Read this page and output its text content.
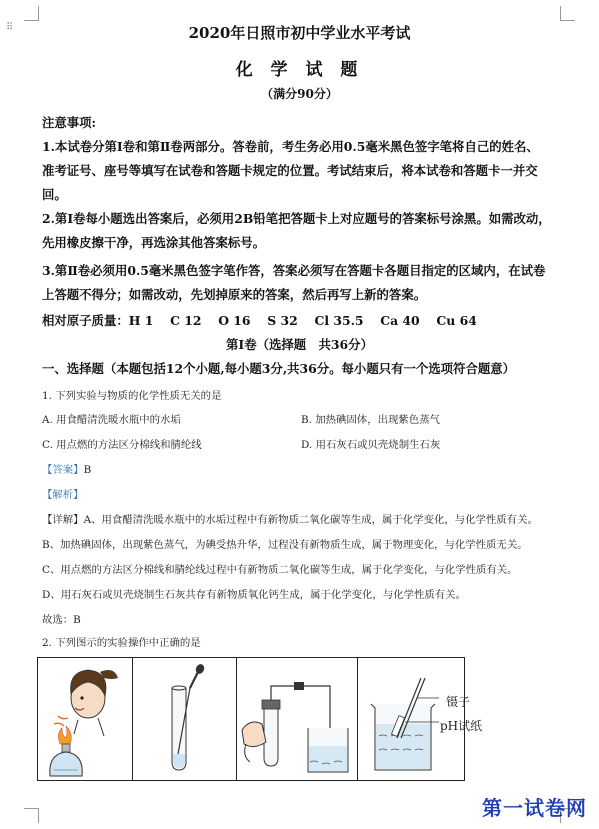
⠿	2020年日照市初中学业水平考试
化 学 试 题
（满分90分）
注意事项:
1.本试卷分第Ⅰ卷和第Ⅱ卷两部分。答卷前，考生务必用0.5毫米黑色签字笔将自己的姓名、
准考证号、座号等填写在试卷和答题卡规定的位置。考试结束后，将本试卷和答题卡一并交
回。
2.第Ⅰ卷每小题选出答案后，必须用2B铅笔把答题卡上对应题号的答案标号涂黑。如需改动，
先用橡皮擦干净，再选涂其他答案标号。
3.第Ⅱ卷必须用0.5毫米黑色签字笔作答，答案必须写在答题卡各题目指定的区域内，在试卷
上答题不得分；如需改动，先划掉原来的答案，然后再写上新的答案。
相对原子质量：H 1　 C 12 　O 16　 S 32　 Cl 35.5　 Ca 40　 Cu 64
第Ⅰ卷（选择题　共36分）
一、选择题（本题包括12个小题,每小题3分,共36分。每小题只有一个选项符合题意）
1. 下列实验与物质的化学性质无关的是
A. 用食醋清洗暖水瓶中的水垢	B. 加热碘固体，出现紫色蒸气
C. 用点燃的方法区分棉线和腈纶线	D. 用石灰石或贝壳烧制生石灰
【答案】B
【解析】
【详解】A、用食醋清洗暖水瓶中的水垢过程中有新物质二氧化碳等生成，属于化学变化，与化学性质有关。
B、加热碘固体，出现紫色蒸气，为碘受热升华，过程没有新物质生成，属于物理变化，与化学性质无关。
C、用点燃的方法区分棉线和腈纶线过程中有新物质二氧化碳等生成，属于化学变化，与化学性质有关。
D、用石灰石或贝壳烧制生石灰共存有新物质氧化钙生成，属于化学变化，与化学性质有关。
故选：B
2. 下列图示的实验操作中正确的是
镊子
pH试纸
第一试卷网
